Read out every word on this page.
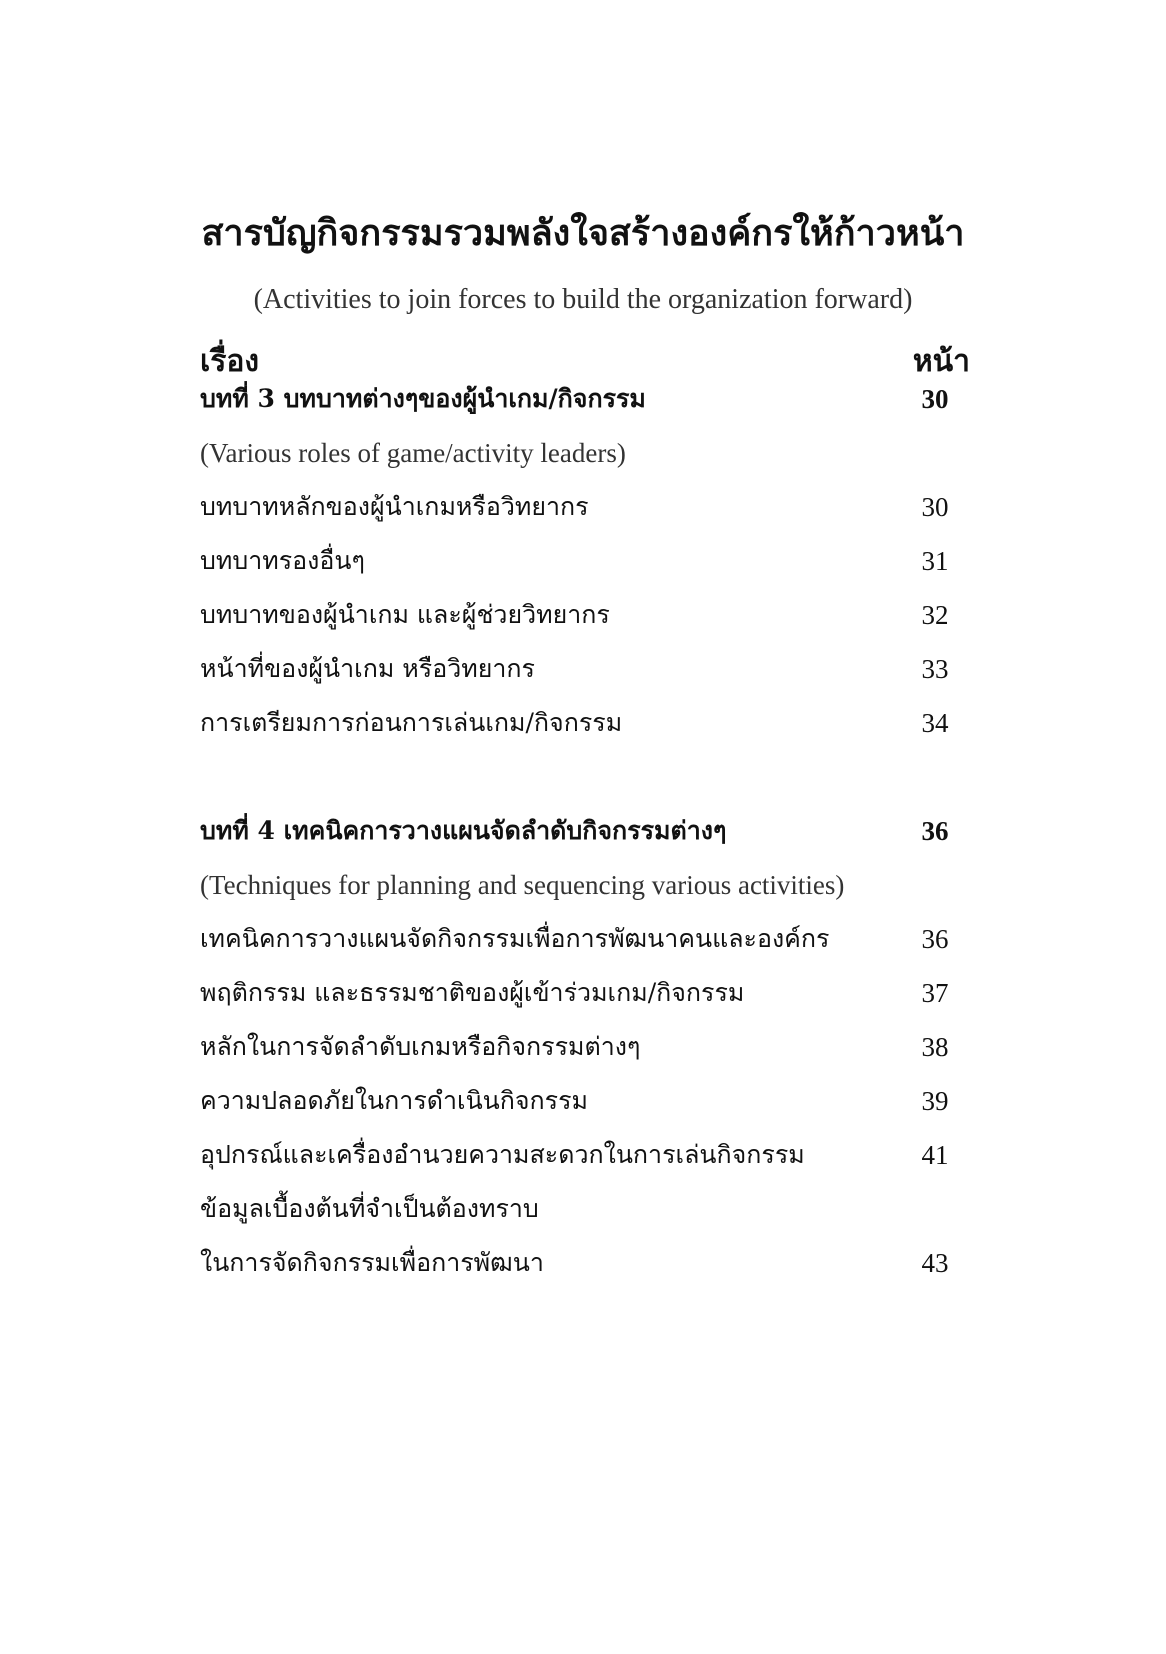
สารบัญกิจกรรมรวมพลังใจสร้างองค์กรให้ก้าวหน้า
(Activities to join forces to build the organization forward)
เรื่อง	หน้า
บทที่ 3 บทบาทต่างๆของผู้นำเกม/กิจกรรม	30
(Various roles of game/activity leaders)
บทบาทหลักของผู้นำเกมหรือวิทยากร	30
บทบาทรองอื่นๆ	31
บทบาทของผู้นำเกม และผู้ช่วยวิทยากร	32
หน้าที่ของผู้นำเกม หรือวิทยากร	33
การเตรียมการก่อนการเล่นเกม/กิจกรรม	34
บทที่ 4 เทคนิคการวางแผนจัดลำดับกิจกรรมต่างๆ	36
(Techniques for planning and sequencing various activities)
เทคนิคการวางแผนจัดกิจกรรมเพื่อการพัฒนาคนและองค์กร	36
พฤติกรรม และธรรมชาติของผู้เข้าร่วมเกม/กิจกรรม	37
หลักในการจัดลำดับเกมหรือกิจกรรมต่างๆ	38
ความปลอดภัยในการดำเนินกิจกรรม	39
อุปกรณ์และเครื่องอำนวยความสะดวกในการเล่นกิจกรรม	41
ข้อมูลเบื้องต้นที่จำเป็นต้องทราบ
ในการจัดกิจกรรมเพื่อการพัฒนา	43
